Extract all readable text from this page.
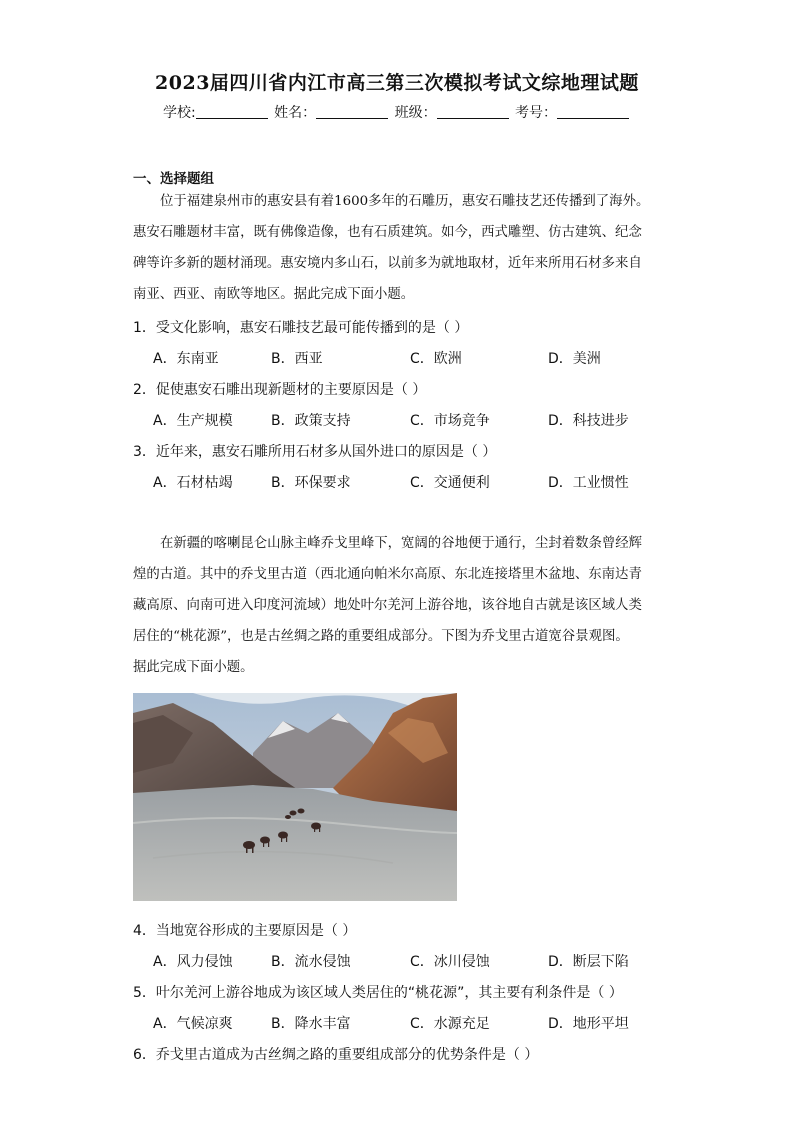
2023届四川省内江市高三第三次模拟考试文综地理试题
学校:	姓名：	班级：	考号：
一、选择题组
位于福建泉州市的惠安县有着1600多年的石雕历，惠安石雕技艺还传播到了海外。
惠安石雕题材丰富，既有佛像造像，也有石质建筑。如今，西式雕塑、仿古建筑、纪念
碑等许多新的题材涌现。惠安境内多山石，以前多为就地取材，近年来所用石材多来自
南亚、西亚、南欧等地区。据此完成下面小题。
1．受文化影响，惠安石雕技艺最可能传播到的是（ ）
A．东南亚	B．西亚	C．欧洲	D．美洲
2．促使惠安石雕出现新题材的主要原因是（ ）
A．生产规模	B．政策支持	C．市场竞争	D．科技进步
3．近年来，惠安石雕所用石材多从国外进口的原因是（ ）
A．石材枯竭	B．环保要求	C．交通便利	D．工业惯性
在新疆的喀喇昆仑山脉主峰乔戈里峰下，宽阔的谷地便于通行，尘封着数条曾经辉
煌的古道。其中的乔戈里古道（西北通向帕米尔高原、东北连接塔里木盆地、东南达青
藏高原、向南可进入印度河流域）地处叶尔羌河上游谷地，该谷地自古就是该区域人类
居住的“桃花源”，也是古丝绸之路的重要组成部分。下图为乔戈里古道宽谷景观图。
据此完成下面小题。
4．当地宽谷形成的主要原因是（ ）
A．风力侵蚀	B．流水侵蚀	C．冰川侵蚀	D．断层下陷
5．叶尔羌河上游谷地成为该区域人类居住的“桃花源”，其主要有利条件是（ ）
A．气候凉爽	B．降水丰富	C．水源充足	D．地形平坦
6．乔戈里古道成为古丝绸之路的重要组成部分的优势条件是（ ）
